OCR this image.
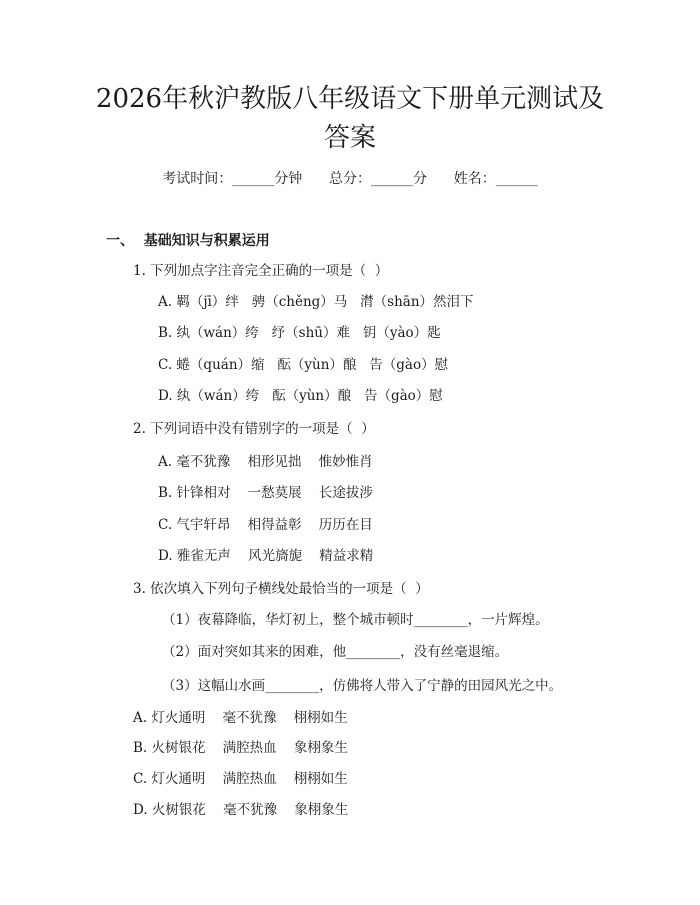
2026年秋沪教版八年级语文下册单元测试及
答案
考试时间：______分钟      总分：______分      姓名：______
一、  基础知识与积累运用
1. 下列加点字注音完全正确的一项是（  ）
A. 羁（jī）绊   骋（chěng）马   潸（shān）然泪下
B. 纨（wán）绔   纾（shū）难   钥（yào）匙
C. 蜷（quán）缩   酝（yùn）酿   告（gào）慰
D. 纨（wán）绔   酝（yùn）酿   告（gào）慰
2. 下列词语中没有错别字的一项是（  ）
A. 毫不犹豫    相形见拙    惟妙惟肖
B. 针锋相对    一愁莫展    长途拔涉
C. 气宇轩昂    相得益彰    历历在目
D. 雅雀无声    风光旖旎    精益求精
3. 依次填入下列句子横线处最恰当的一项是（  ）
（1）夜幕降临，华灯初上，整个城市顿时________，一片辉煌。
（2）面对突如其来的困难，他________，没有丝毫退缩。
（3）这幅山水画________，仿佛将人带入了宁静的田园风光之中。
A. 灯火通明    毫不犹豫    栩栩如生
B. 火树银花    满腔热血    象栩象生
C. 灯火通明    满腔热血    栩栩如生
D. 火树银花    毫不犹豫    象栩象生
